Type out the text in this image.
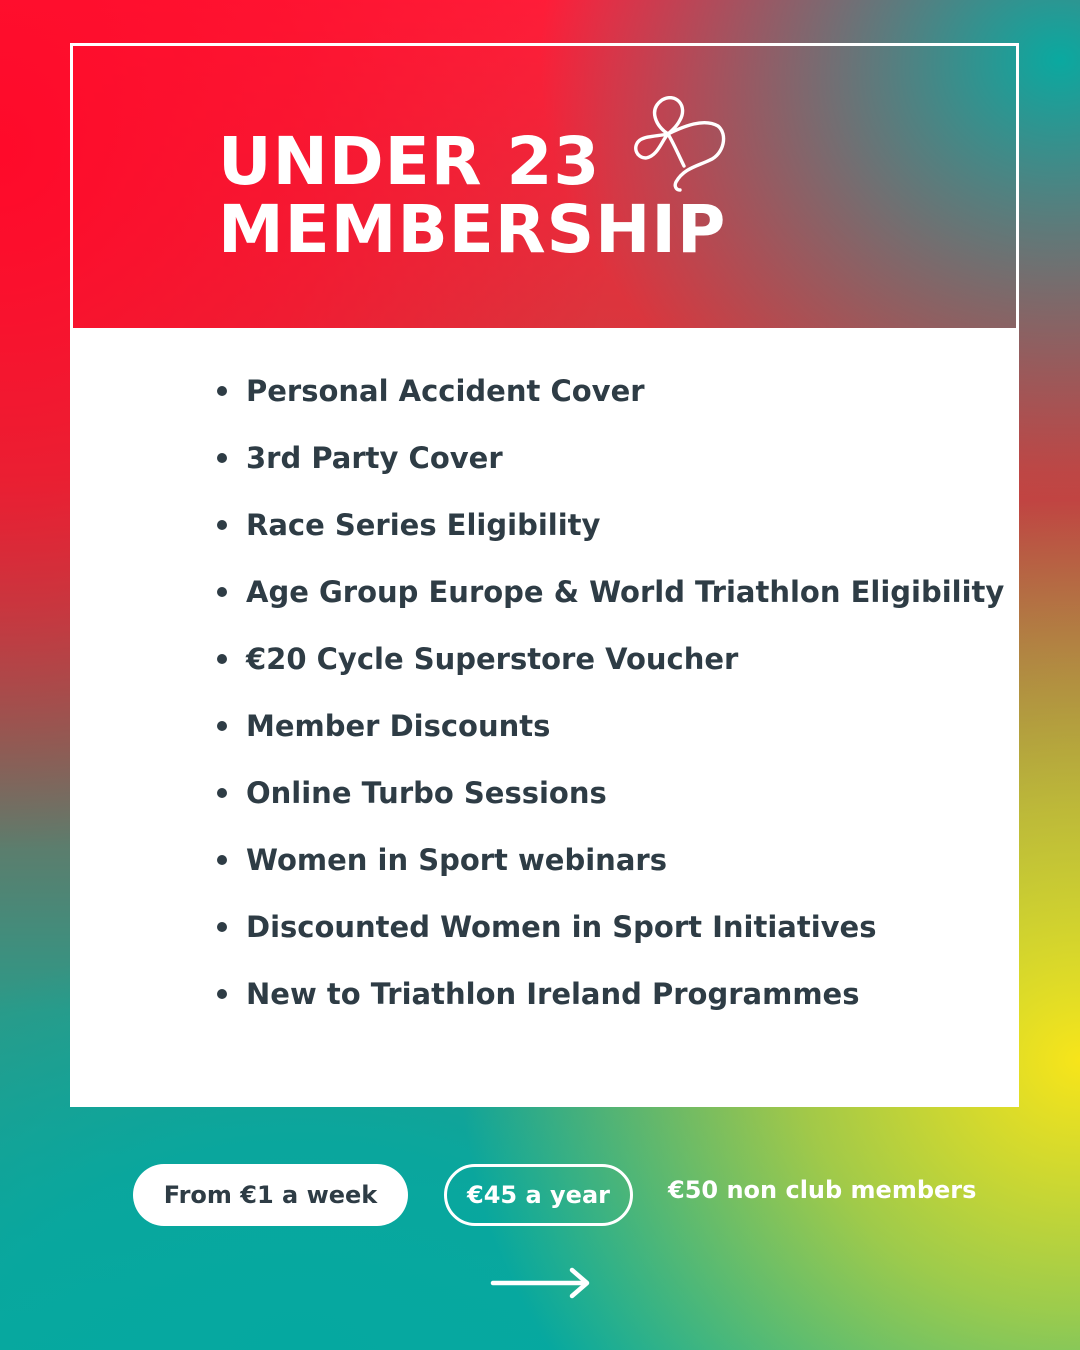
UNDER 23
MEMBERSHIP
Personal Accident Cover
3rd Party Cover
Race Series Eligibility
Age Group Europe & World Triathlon Eligibility
€20 Cycle Superstore Voucher
Member Discounts
Online Turbo Sessions
Women in Sport webinars
Discounted Women in Sport Initiatives
New to Triathlon Ireland Programmes
From €1 a week	€45 a year	€50 non club members
